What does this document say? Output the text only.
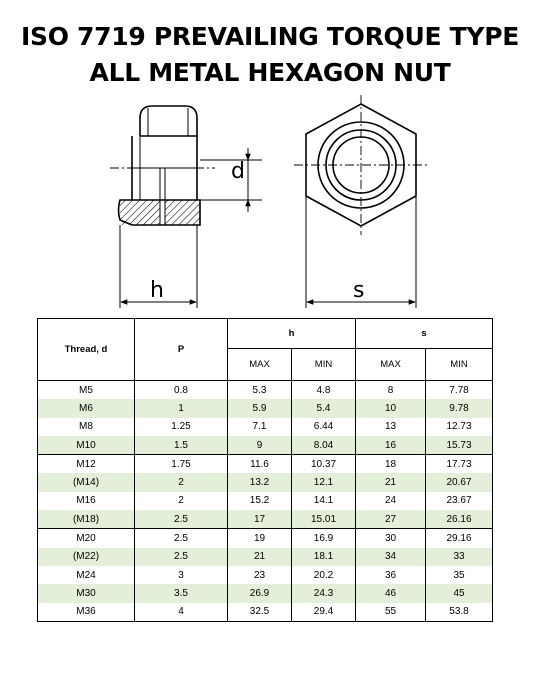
ISO 7719 PREVAILING TORQUE TYPE
ALL METAL HEXAGON NUT
d
h	s
Thread, d	P	h		s	
		MAX	MIN	MAX	MIN
M5	0.8	5.3	4.8	8	7.78
M6	1	5.9	5.4	10	9.78
M8	1.25	7.1	6.44	13	12.73
M10	1.5	9	8.04	16	15.73
M12	1.75	11.6	10.37	18	17.73
(M14)	2	13.2	12.1	21	20.67
M16	2	15.2	14.1	24	23.67
(M18)	2.5	17	15.01	27	26.16
M20	2.5	19	16.9	30	29.16
(M22)	2.5	21	18.1	34	33
M24	3	23	20.2	36	35
M30	3.5	26.9	24.3	46	45
M36	4	32.5	29.4	55	53.8
